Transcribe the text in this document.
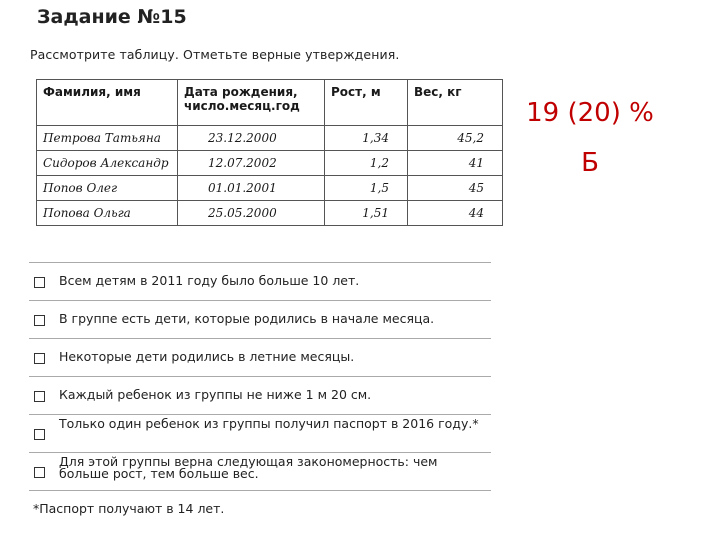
Задание №15
Рассмотрите таблицу. Отметьте верные утверждения.
Фамилия, имя	Дата рождения, число.месяц.год	Рост, м	Вес, кг
Петрова Татьяна	23.12.2000	1,34	45,2
Сидоров Александр	12.07.2002	1,2	41
Попов Олег	01.01.2001	1,5	45
Попова Ольга	25.05.2000	1,51	44
19 (20) %
Б
Всем детям в 2011 году было больше 10 лет.
В группе есть дети, которые родились в начале месяца.
Некоторые дети родились в летние месяцы.
Каждый ребенок из группы не ниже 1 м 20 см.
Только один ребенок из группы получил паспорт в 2016 году.*
Для этой группы верна следующая закономерность: чем больше рост, тем больше вес.
*Паспорт получают в 14 лет.
